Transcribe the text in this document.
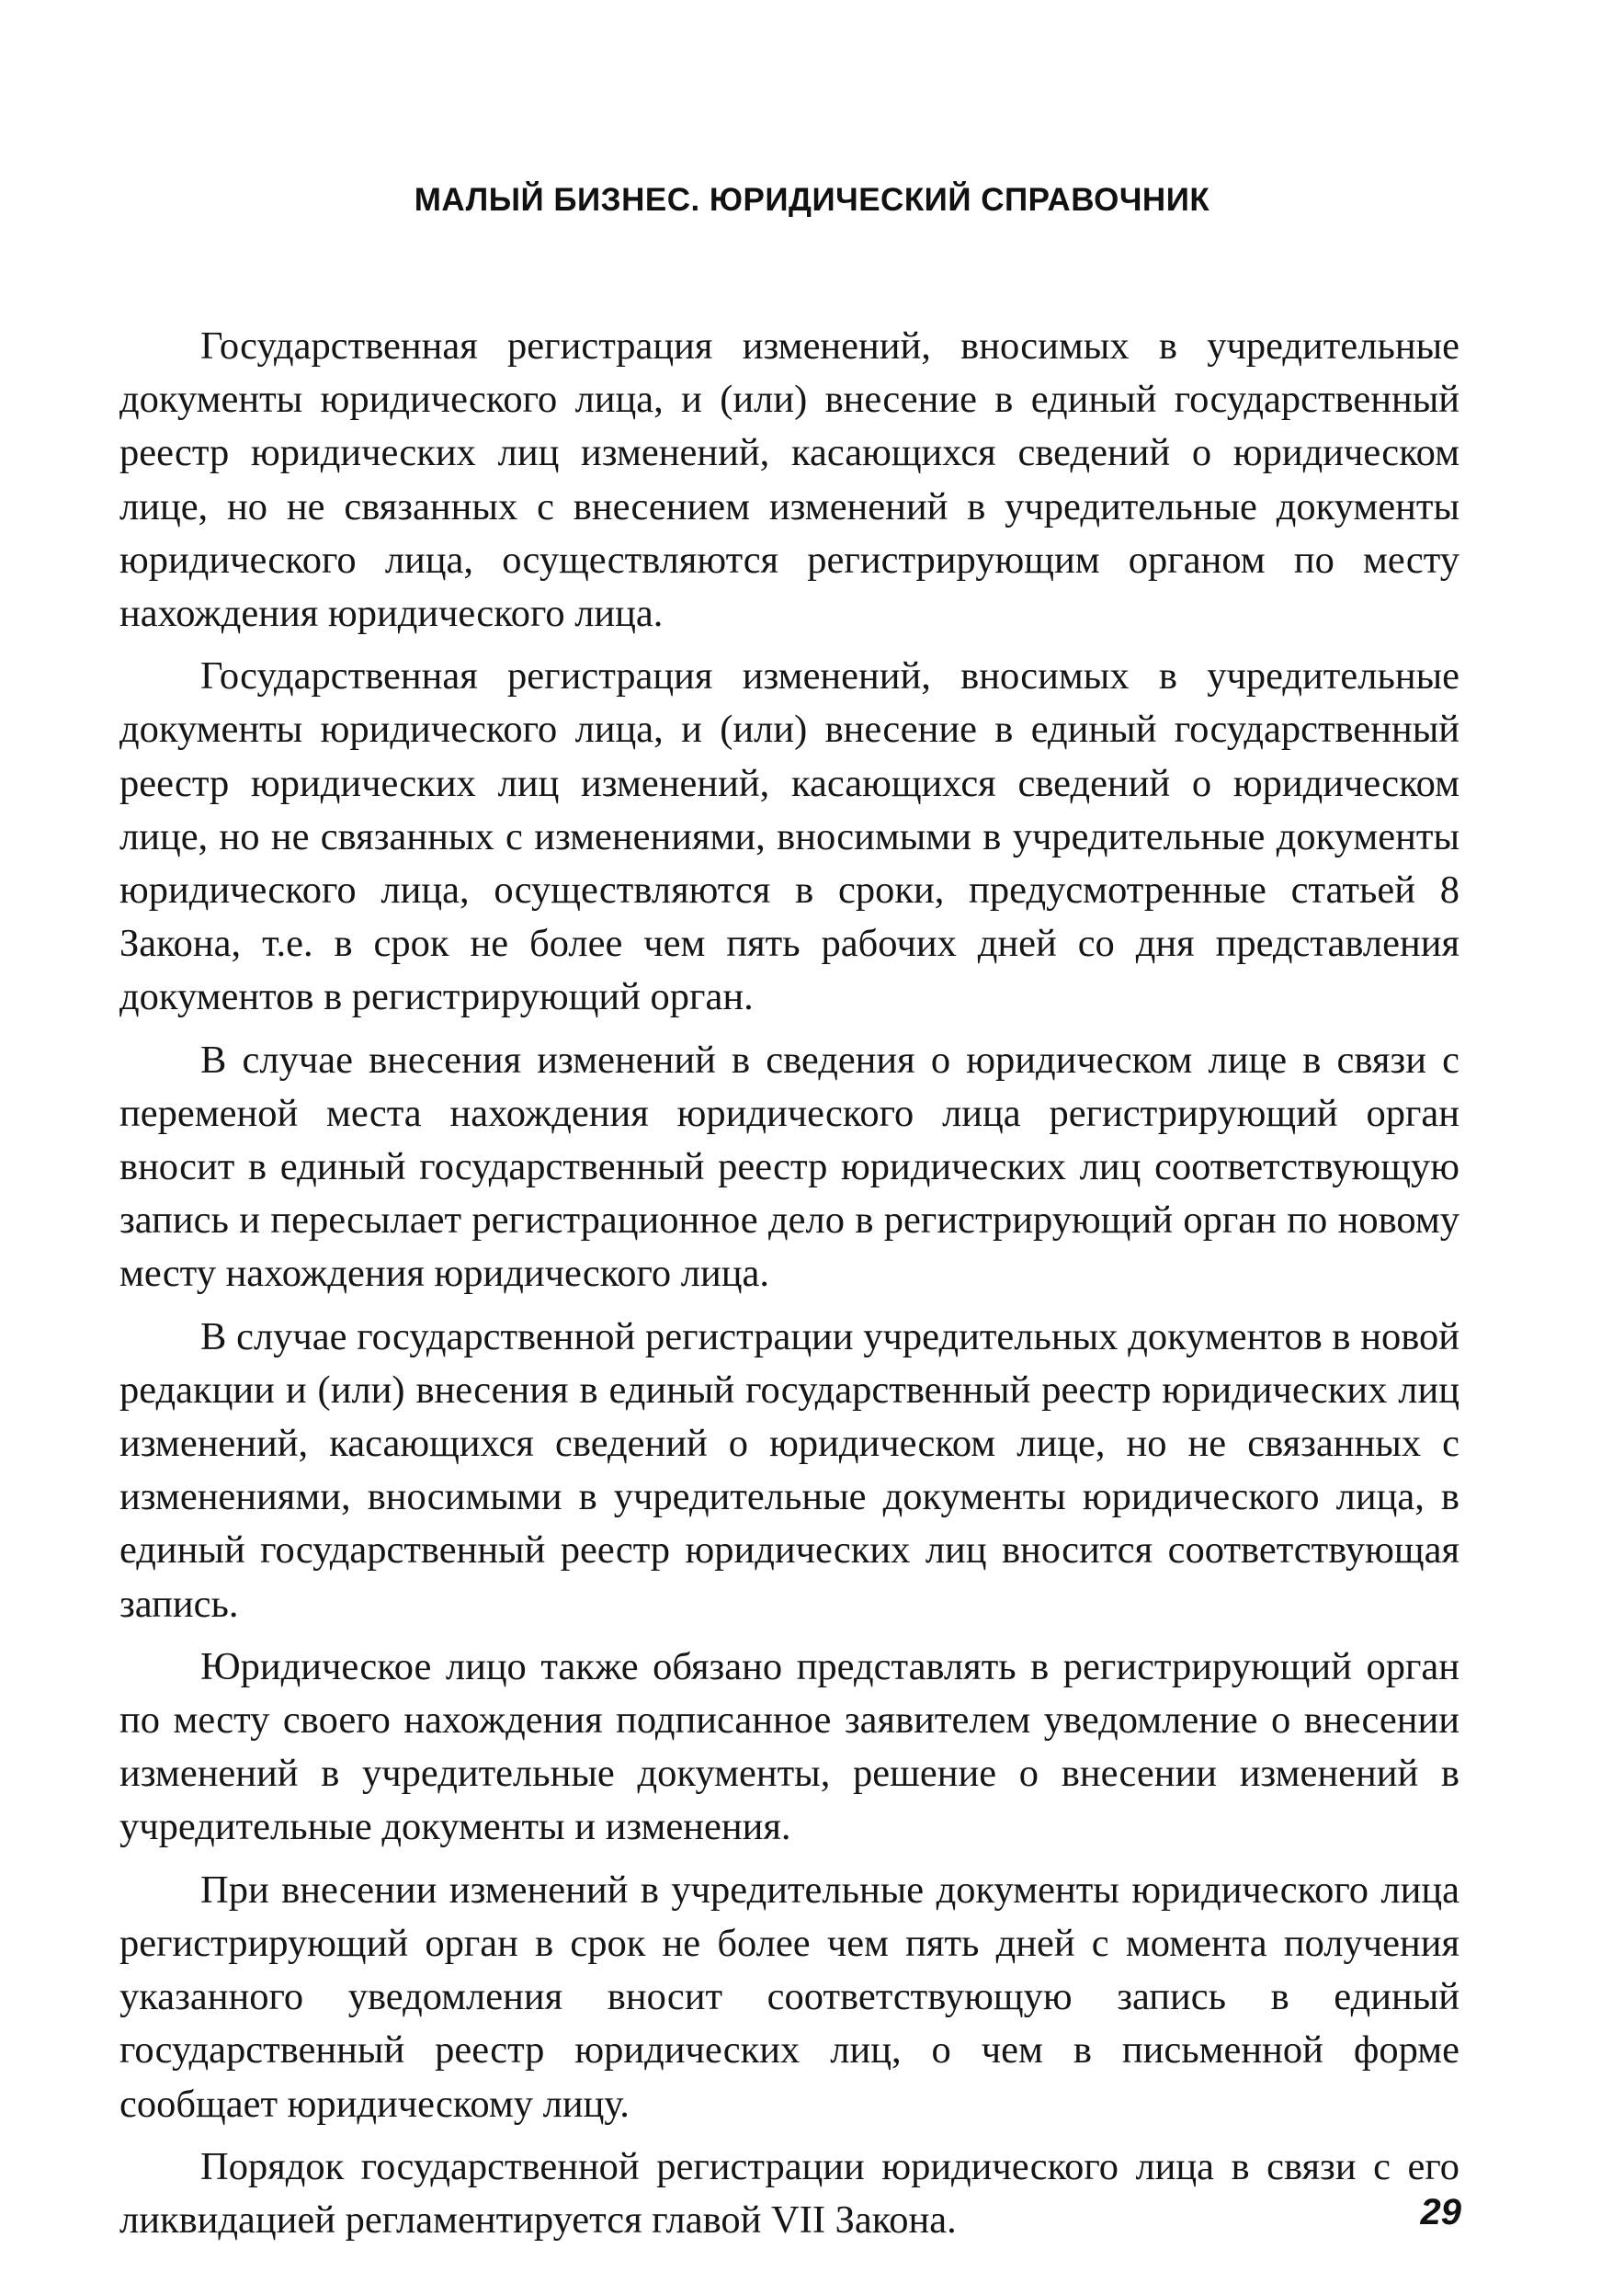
МАЛЫЙ БИЗНЕС. ЮРИДИЧЕСКИЙ СПРАВОЧНИК

Государственная регистрация изменений, вносимых в учредительные документы юридического лица, и (или) внесение в единый государственный реестр юридических лиц изменений, касающихся сведений о юридическом лице, но не связанных с внесением изменений в учредительные документы юридического лица, осуществляются регистрирующим органом по месту нахождения юридического лица.

Государственная регистрация изменений, вносимых в учредительные документы юридического лица, и (или) внесение в единый государственный реестр юридических лиц изменений, касающихся сведений о юридическом лице, но не связанных с изменениями, вносимыми в учредительные документы юридического лица, осуществляются в сроки, предусмотренные статьей 8 Закона, т.е. в срок не более чем пять рабочих дней со дня представления документов в регистрирующий орган.

В случае внесения изменений в сведения о юридическом лице в связи с переменой места нахождения юридического лица регистрирующий орган вносит в единый государственный реестр юридических лиц соответствующую запись и пересылает регистрационное дело в регистрирующий орган по новому месту нахождения юридического лица.

В случае государственной регистрации учредительных документов в новой редакции и (или) внесения в единый государственный реестр юридических лиц изменений, касающихся сведений о юридическом лице, но не связанных с изменениями, вносимыми в учредительные документы юридического лица, в единый государственный реестр юридических лиц вносится соответствующая запись.

Юридическое лицо также обязано представлять в регистрирующий орган по месту своего нахождения подписанное заявителем уведомление о внесении изменений в учредительные документы, решение о внесении изменений в учредительные документы и изменения.

При внесении изменений в учредительные документы юридического лица регистрирующий орган в срок не более чем пять дней с момента получения указанного уведомления вносит соответствующую запись в единый государственный реестр юридических лиц, о чем в письменной форме сообщает юридическому лицу.

Порядок государственной регистрации юридического лица в связи с его ликвидацией регламентируется главой VII Закона.	29
